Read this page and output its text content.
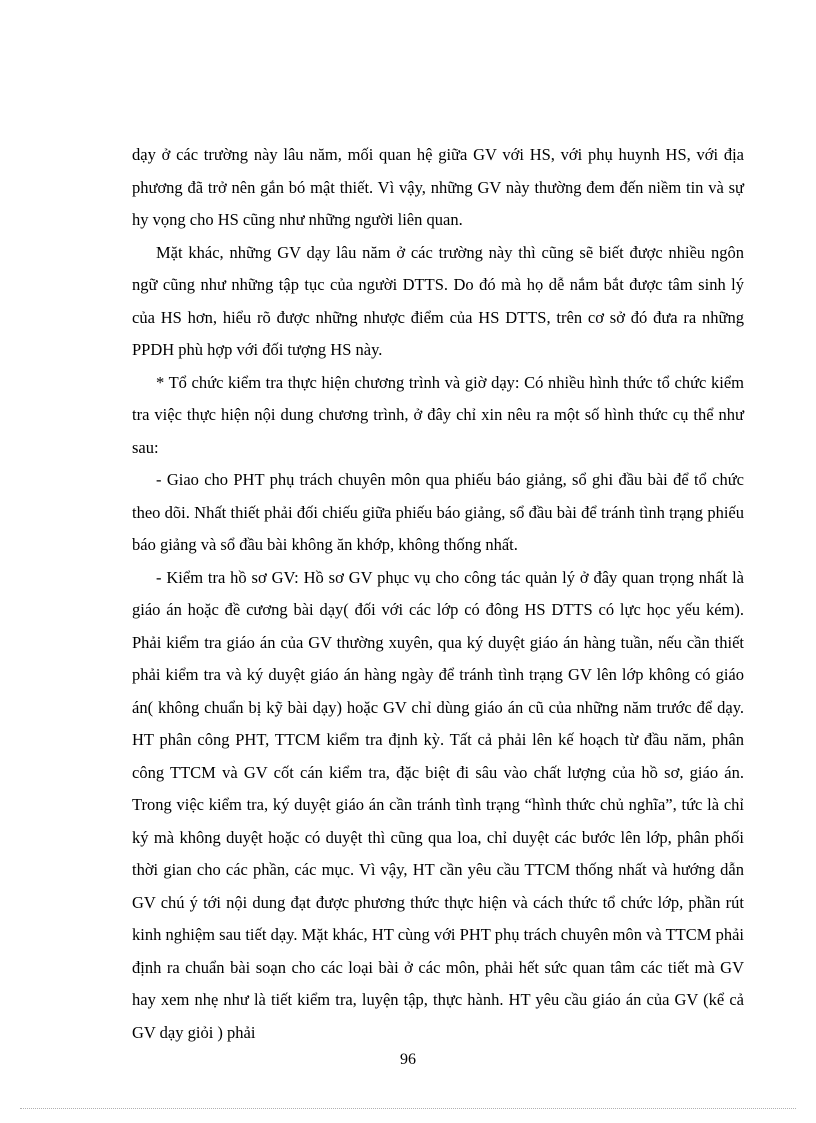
dạy ở các trường này lâu năm, mối quan hệ giữa GV với HS, với phụ huynh HS, với địa phương đã trở nên gắn bó mật thiết. Vì vậy, những GV này thường đem đến niềm tin và sự hy vọng cho HS cũng như những người liên quan.

Mặt khác, những GV dạy lâu năm ở các trường này thì cũng sẽ biết được nhiều ngôn ngữ cũng như những tập tục của người DTTS. Do đó mà họ dễ nắm bắt được tâm sinh lý của HS hơn, hiểu rõ được những nhược điểm của HS DTTS, trên cơ sở đó đưa ra những PPDH phù hợp với đối tượng HS này.

* Tổ chức kiểm tra thực hiện chương trình và giờ dạy: Có nhiều hình thức tổ chức kiểm tra việc thực hiện nội dung chương trình, ở đây chỉ xin nêu ra một số hình thức cụ thể như sau:

- Giao cho PHT phụ trách chuyên môn qua phiếu báo giảng, sổ ghi đầu bài để tổ chức theo dõi. Nhất thiết phải đối chiếu giữa phiếu báo giảng, sổ đầu bài để tránh tình trạng phiếu báo giảng và sổ đầu bài không ăn khớp, không thống nhất.

- Kiểm tra hồ sơ GV: Hồ sơ GV phục vụ cho công tác quản lý ở đây quan trọng nhất là giáo án hoặc đề cương bài dạy( đối với các lớp có đông HS DTTS có lực học yếu kém). Phải kiểm tra giáo án của GV thường xuyên, qua ký duyệt giáo án hàng tuần, nếu cần thiết phải kiểm tra và ký duyệt giáo án hàng ngày để tránh tình trạng GV lên lớp không có giáo án( không chuẩn bị kỹ bài dạy) hoặc GV chỉ dùng giáo án cũ của những năm trước để dạy. HT phân công PHT, TTCM kiểm tra định kỳ. Tất cả phải lên kế hoạch từ đầu năm, phân công TTCM và GV cốt cán kiểm tra, đặc biệt đi sâu vào chất lượng của hồ sơ, giáo án. Trong việc kiểm tra, ký duyệt giáo án cần tránh tình trạng “hình thức chủ nghĩa”, tức là chỉ ký mà không duyệt hoặc có duyệt thì cũng qua loa, chỉ duyệt các bước lên lớp, phân phối thời gian cho các phần, các mục. Vì vậy, HT cần yêu cầu TTCM thống nhất và hướng dẫn GV chú ý tới nội dung đạt được phương thức thực hiện và cách thức tổ chức lớp, phần rút kinh nghiệm sau tiết dạy. Mặt khác, HT cùng với PHT phụ trách chuyên môn và TTCM phải định ra chuẩn bài soạn cho các loại bài ở các môn, phải hết sức quan tâm các tiết mà GV hay xem nhẹ như là tiết kiểm tra, luyện tập, thực hành. HT yêu cầu giáo án của GV (kể cả GV dạy giỏi ) phải

96
